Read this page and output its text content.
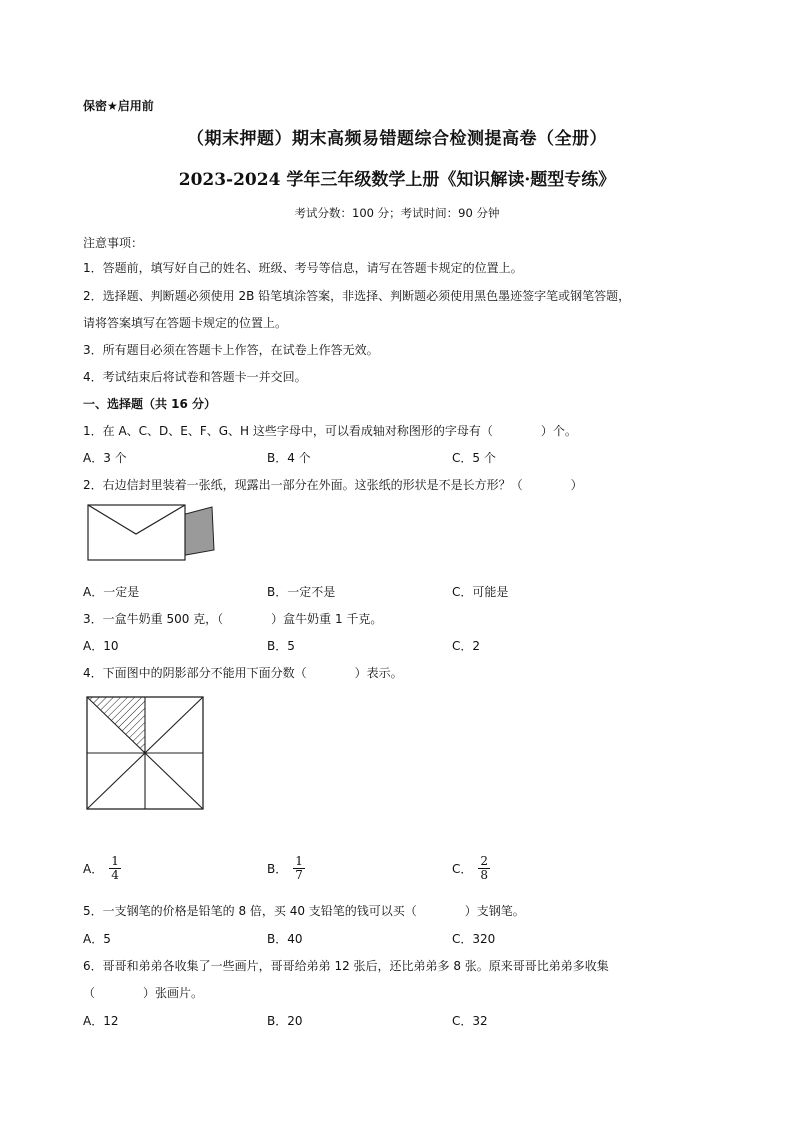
保密★启用前
（期末押题）期末高频易错题综合检测提高卷（全册）
2023-2024 学年三年级数学上册《知识解读·题型专练》
考试分数：100 分；考试时间：90 分钟
注意事项：
1．答题前，填写好自己的姓名、班级、考号等信息，请写在答题卡规定的位置上。
2．选择题、判断题必须使用 2B 铅笔填涂答案，非选择、判断题必须使用黑色墨迹签字笔或钢笔答题，
请将答案填写在答题卡规定的位置上。
3．所有题目必须在答题卡上作答，在试卷上作答无效。
4．考试结束后将试卷和答题卡一并交回。
一、选择题（共 16 分）
1．在 A、C、D、E、F、G、H 这些字母中，可以看成轴对称图形的字母有（　　　　）个。
A．3 个	B．4 个	C．5 个
2．右边信封里装着一张纸，现露出一部分在外面。这张纸的形状是不是长方形？（　　　　）
A．一定是	B．一定不是	C．可能是
3．一盒牛奶重 500 克，（　　　　）盒牛奶重 1 千克。
A．10	B．5	C．2
4．下面图中的阴影部分不能用下面分数（　　　　）表示。
A． $\frac{1}{4}$	B． $\frac{1}{7}$	C． $\frac{2}{8}$
5．一支钢笔的价格是铅笔的 8 倍，买 40 支铅笔的钱可以买（　　　　）支钢笔。
A．5	B．40	C．320
6．哥哥和弟弟各收集了一些画片，哥哥给弟弟 12 张后，还比弟弟多 8 张。原来哥哥比弟弟多收集
（　　　　）张画片。
A．12	B．20	C．32
